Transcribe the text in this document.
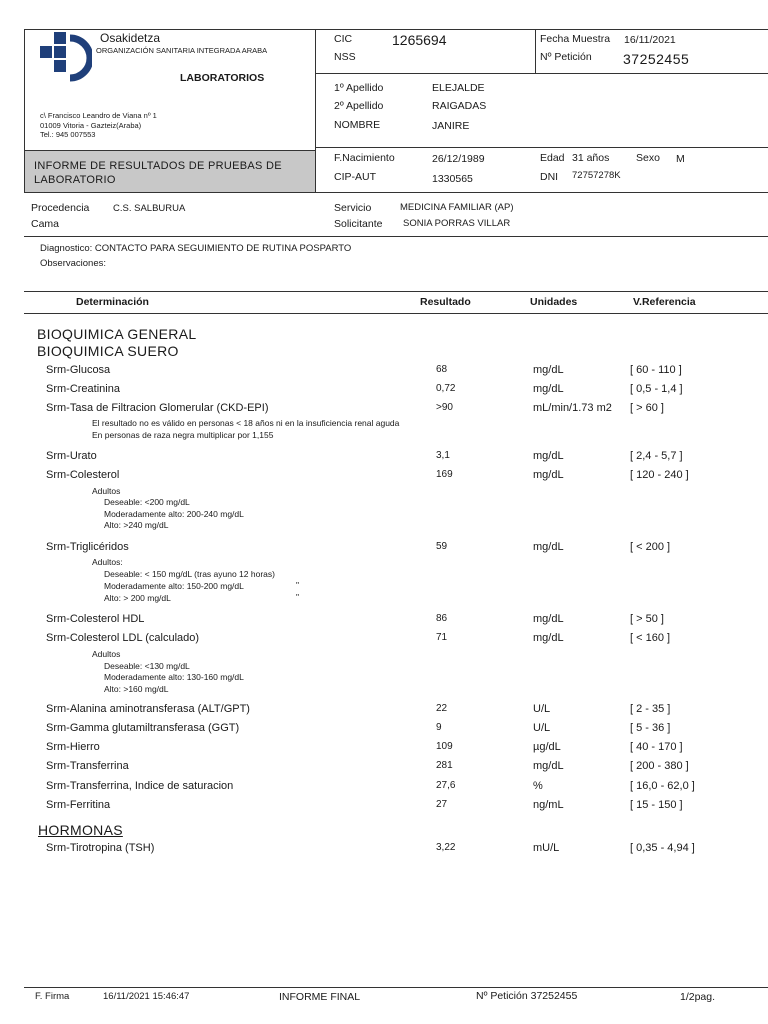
Osakidetza
ORGANIZACIÓN SANITARIA INTEGRADA ARABA
LABORATORIOS
c\ Francisco Leandro de Viana nº 1
01009 Vitoria - Gazteiz(Araba)
Tel.: 945 007553
INFORME DE RESULTADOS DE PRUEBAS DE LABORATORIO
CIC	1265694
NSS
Fecha Muestra 16/11/2021
Nº Petición 37252455
1º Apellido	ELEJALDE
2º Apellido	RAIGADAS
NOMBRE	JANIRE
F.Nacimiento	26/12/1989	Edad 31 años	Sexo M
CIP-AUT	1330565	DNI 72757278K
Procedencia C.S. SALBURUA
Cama
Servicio	MEDICINA FAMILIAR (AP)
Solicitante SONIA PORRAS VILLAR
Diagnostico: CONTACTO PARA SEGUIMIENTO DE RUTINA POSPARTO
Observaciones:
Determinación	Resultado	Unidades	V.Referencia
BIOQUIMICA GENERAL
BIOQUIMICA SUERO
Srm-Glucosa	68	mg/dL	[ 60 - 110 ]
Srm-Creatinina	0,72	mg/dL	[ 0,5 - 1,4 ]
Srm-Tasa de Filtracion Glomerular (CKD-EPI)	>90	mL/min/1.73 m2 [ > 60 ]
El resultado no es válido en personas < 18 años ni en la insuficiencia renal aguda
En personas de raza negra multiplicar por 1,155
Srm-Urato	3,1	mg/dL	[ 2,4 - 5,7 ]
Srm-Colesterol	169	mg/dL	[ 120 - 240 ]
Adultos
Deseable: <200 mg/dL
Moderadamente alto: 200-240 mg/dL
Alto: >240 mg/dL
Srm-Triglicéridos	59	mg/dL	[ < 200 ]
Adultos:
Deseable: < 150 mg/dL (tras ayuno 12 horas)
Moderadamente alto: 150-200 mg/dL	"
Alto: > 200 mg/dL	"
Srm-Colesterol HDL	86	mg/dL	[ > 50 ]
Srm-Colesterol LDL (calculado)	71	mg/dL	[ < 160 ]
Adultos
Deseable: <130 mg/dL
Moderadamente alto: 130-160 mg/dL
Alto: >160 mg/dL
Srm-Alanina aminotransferasa (ALT/GPT)	22	U/L	[ 2 - 35 ]
Srm-Gamma glutamiltransferasa (GGT)	9	U/L	[ 5 - 36 ]
Srm-Hierro	109	µg/dL	[ 40 - 170 ]
Srm-Transferrina	281	mg/dL	[ 200 - 380 ]
Srm-Transferrina, Indice de saturacion	27,6	%	[ 16,0 - 62,0 ]
Srm-Ferritina	27	ng/mL	[ 15 - 150 ]
HORMONAS
Srm-Tirotropina (TSH)	3,22	mU/L	[ 0,35 - 4,94 ]
F. Firma	16/11/2021 15:46:47	INFORME FINAL	Nº Petición 37252455	1/2pag.
